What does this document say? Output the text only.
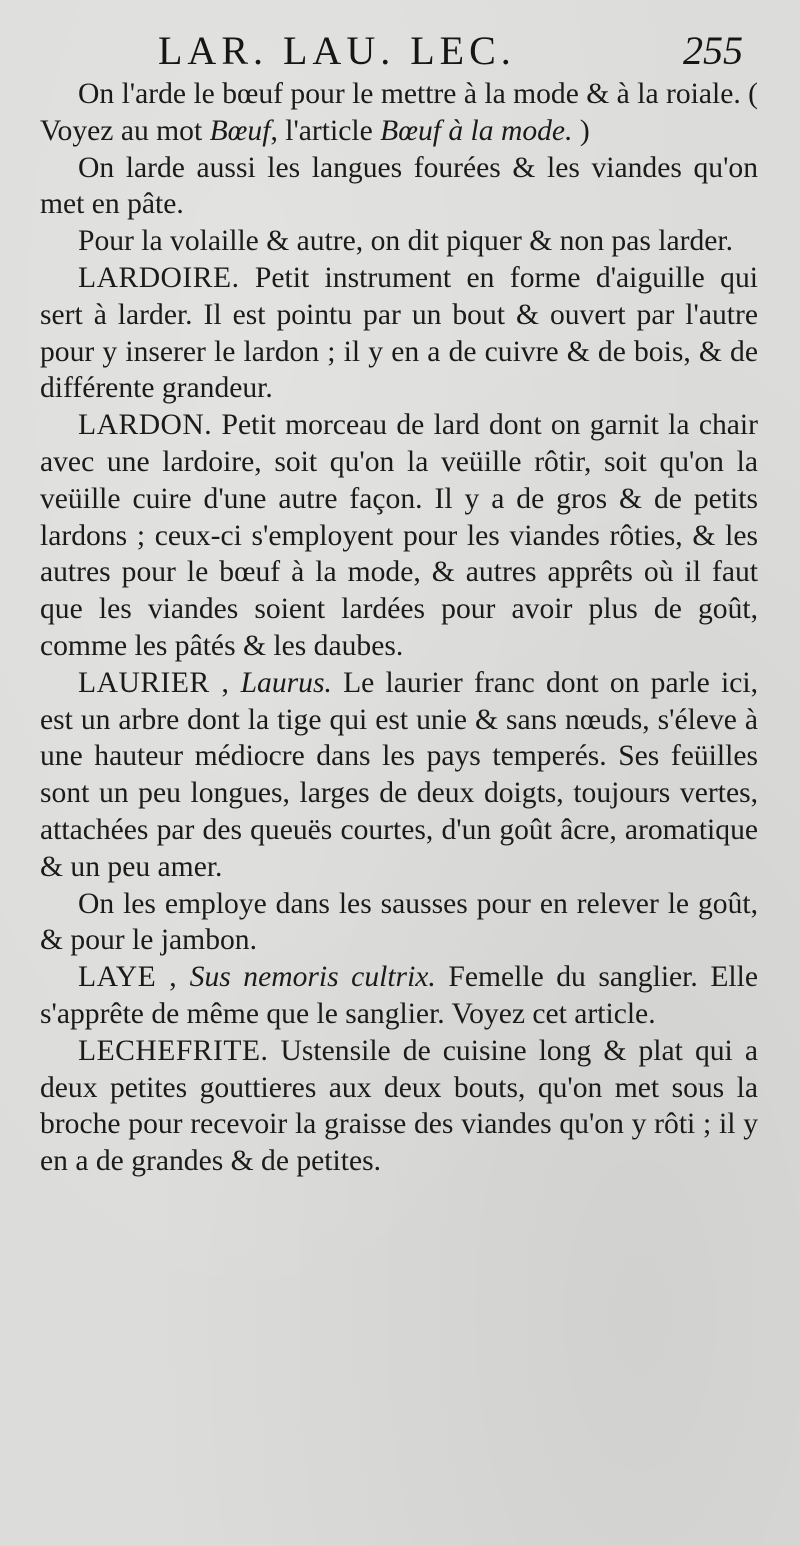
LAR. LAU. LEC.	255

On l'arde le bœuf pour le mettre à la mode & à la roiale. ( Voyez au mot Bœuf, l'article Bœuf à la mode. )

On larde aussi les langues fourées & les viandes qu'on met en pâte.

Pour la volaille & autre, on dit piquer & non pas larder.

LARDOIRE. Petit instrument en forme d'aiguille qui sert à larder. Il est pointu par un bout & ouvert par l'autre pour y inserer le lardon ; il y en a de cuivre & de bois, & de différente grandeur.

LARDON. Petit morceau de lard dont on garnit la chair avec une lardoire, soit qu'on la veüille rôtir, soit qu'on la veüille cuire d'une autre façon. Il y a de gros & de petits lardons ; ceux-ci s'employent pour les viandes rôties, & les autres pour le bœuf à la mode, & autres apprêts où il faut que les viandes soient lardées pour avoir plus de goût, comme les pâtés & les daubes.

LAURIER , Laurus. Le laurier franc dont on parle ici, est un arbre dont la tige qui est unie & sans nœuds, s'éleve à une hauteur médiocre dans les pays temperés. Ses feüilles sont un peu longues, larges de deux doigts, toujours vertes, attachées par des queuës courtes, d'un goût âcre, aromatique & un peu amer.

On les employe dans les sausses pour en relever le goût, & pour le jambon.

LAYE , Sus nemoris cultrix. Femelle du sanglier. Elle s'apprête de même que le sanglier. Voyez cet article.

LECHEFRITE. Ustensile de cuisine long & plat qui a deux petites gouttieres aux deux bouts, qu'on met sous la broche pour recevoir la graisse des viandes qu'on y rôti ; il y en a de grandes & de petites.
